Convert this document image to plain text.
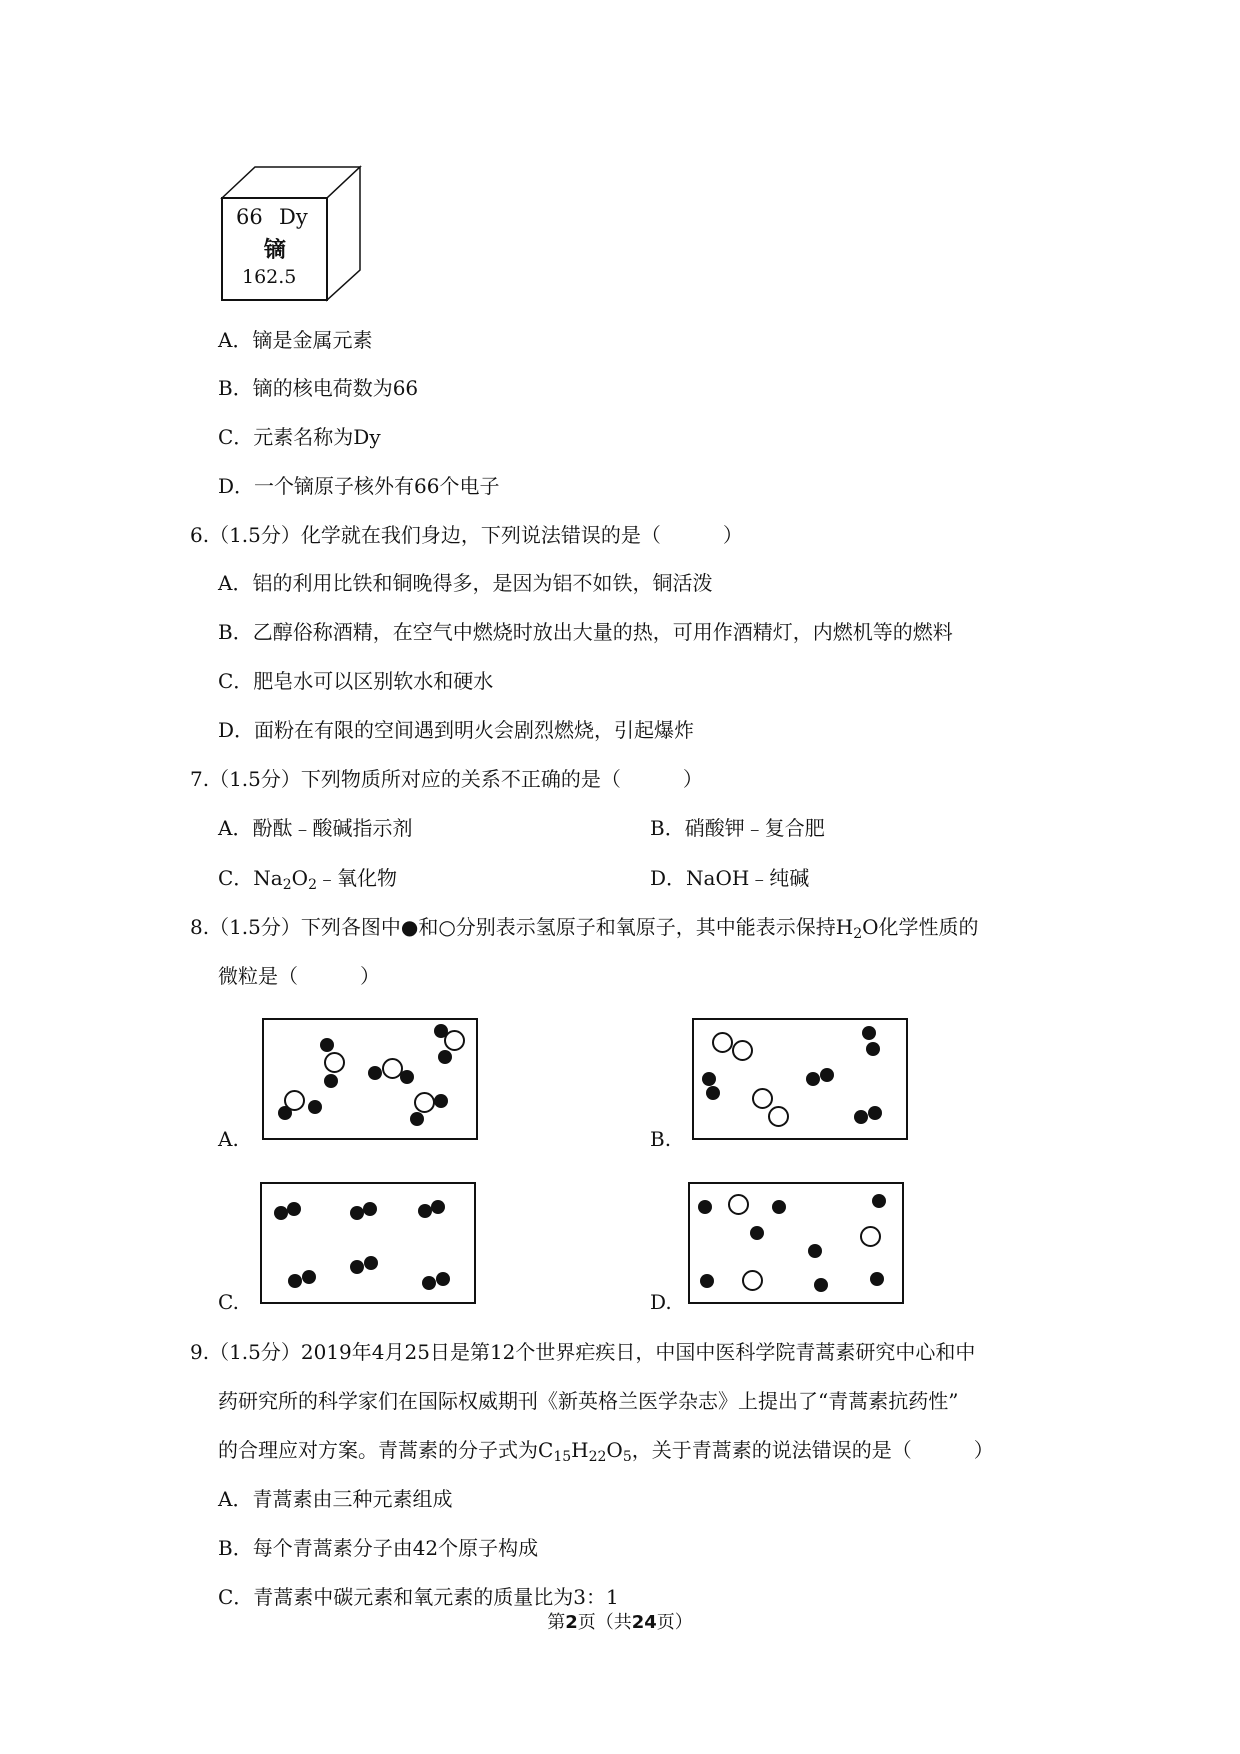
66 Dy
镝
162.5
A．镝是金属元素
B．镝的核电荷数为66
C．元素名称为Dy
D．一个镝原子核外有66个电子
6.（1.5分）化学就在我们身边，下列说法错误的是（	）
A．铝的利用比铁和铜晚得多，是因为铝不如铁，铜活泼
B．乙醇俗称酒精，在空气中燃烧时放出大量的热，可用作酒精灯，内燃机等的燃料
C．肥皂水可以区别软水和硬水
D．面粉在有限的空间遇到明火会剧烈燃烧，引起爆炸
7.（1.5分）下列物质所对应的关系不正确的是（	）
A．酚酞﹣酸碱指示剂	B．硝酸钾﹣复合肥
C．$Na_2O_2﹣$氧化物	D．NaOH﹣纯碱
8.（1.5分）下列各图中●和○分别表示氢原子和氧原子，其中能表示保持$H_2O$化学性质的
微粒是（	）
A.	B.
C.	D.
9.（1.5分）2019年4月25日是第12个世界疟疾日，中国中医科学院青蒿素研究中心和中
药研究所的科学家们在国际权威期刊《新英格兰医学杂志》上提出了“青蒿素抗药性”
的合理应对方案。青蒿素的分子式为$C_{15}H_{22}O_5$，关于青蒿素的说法错误的是（	）
A．青蒿素由三种元素组成
B．每个青蒿素分子由42个原子构成
C．青蒿素中碳元素和氧元素的质量比为3：1
第2页（共24页）
